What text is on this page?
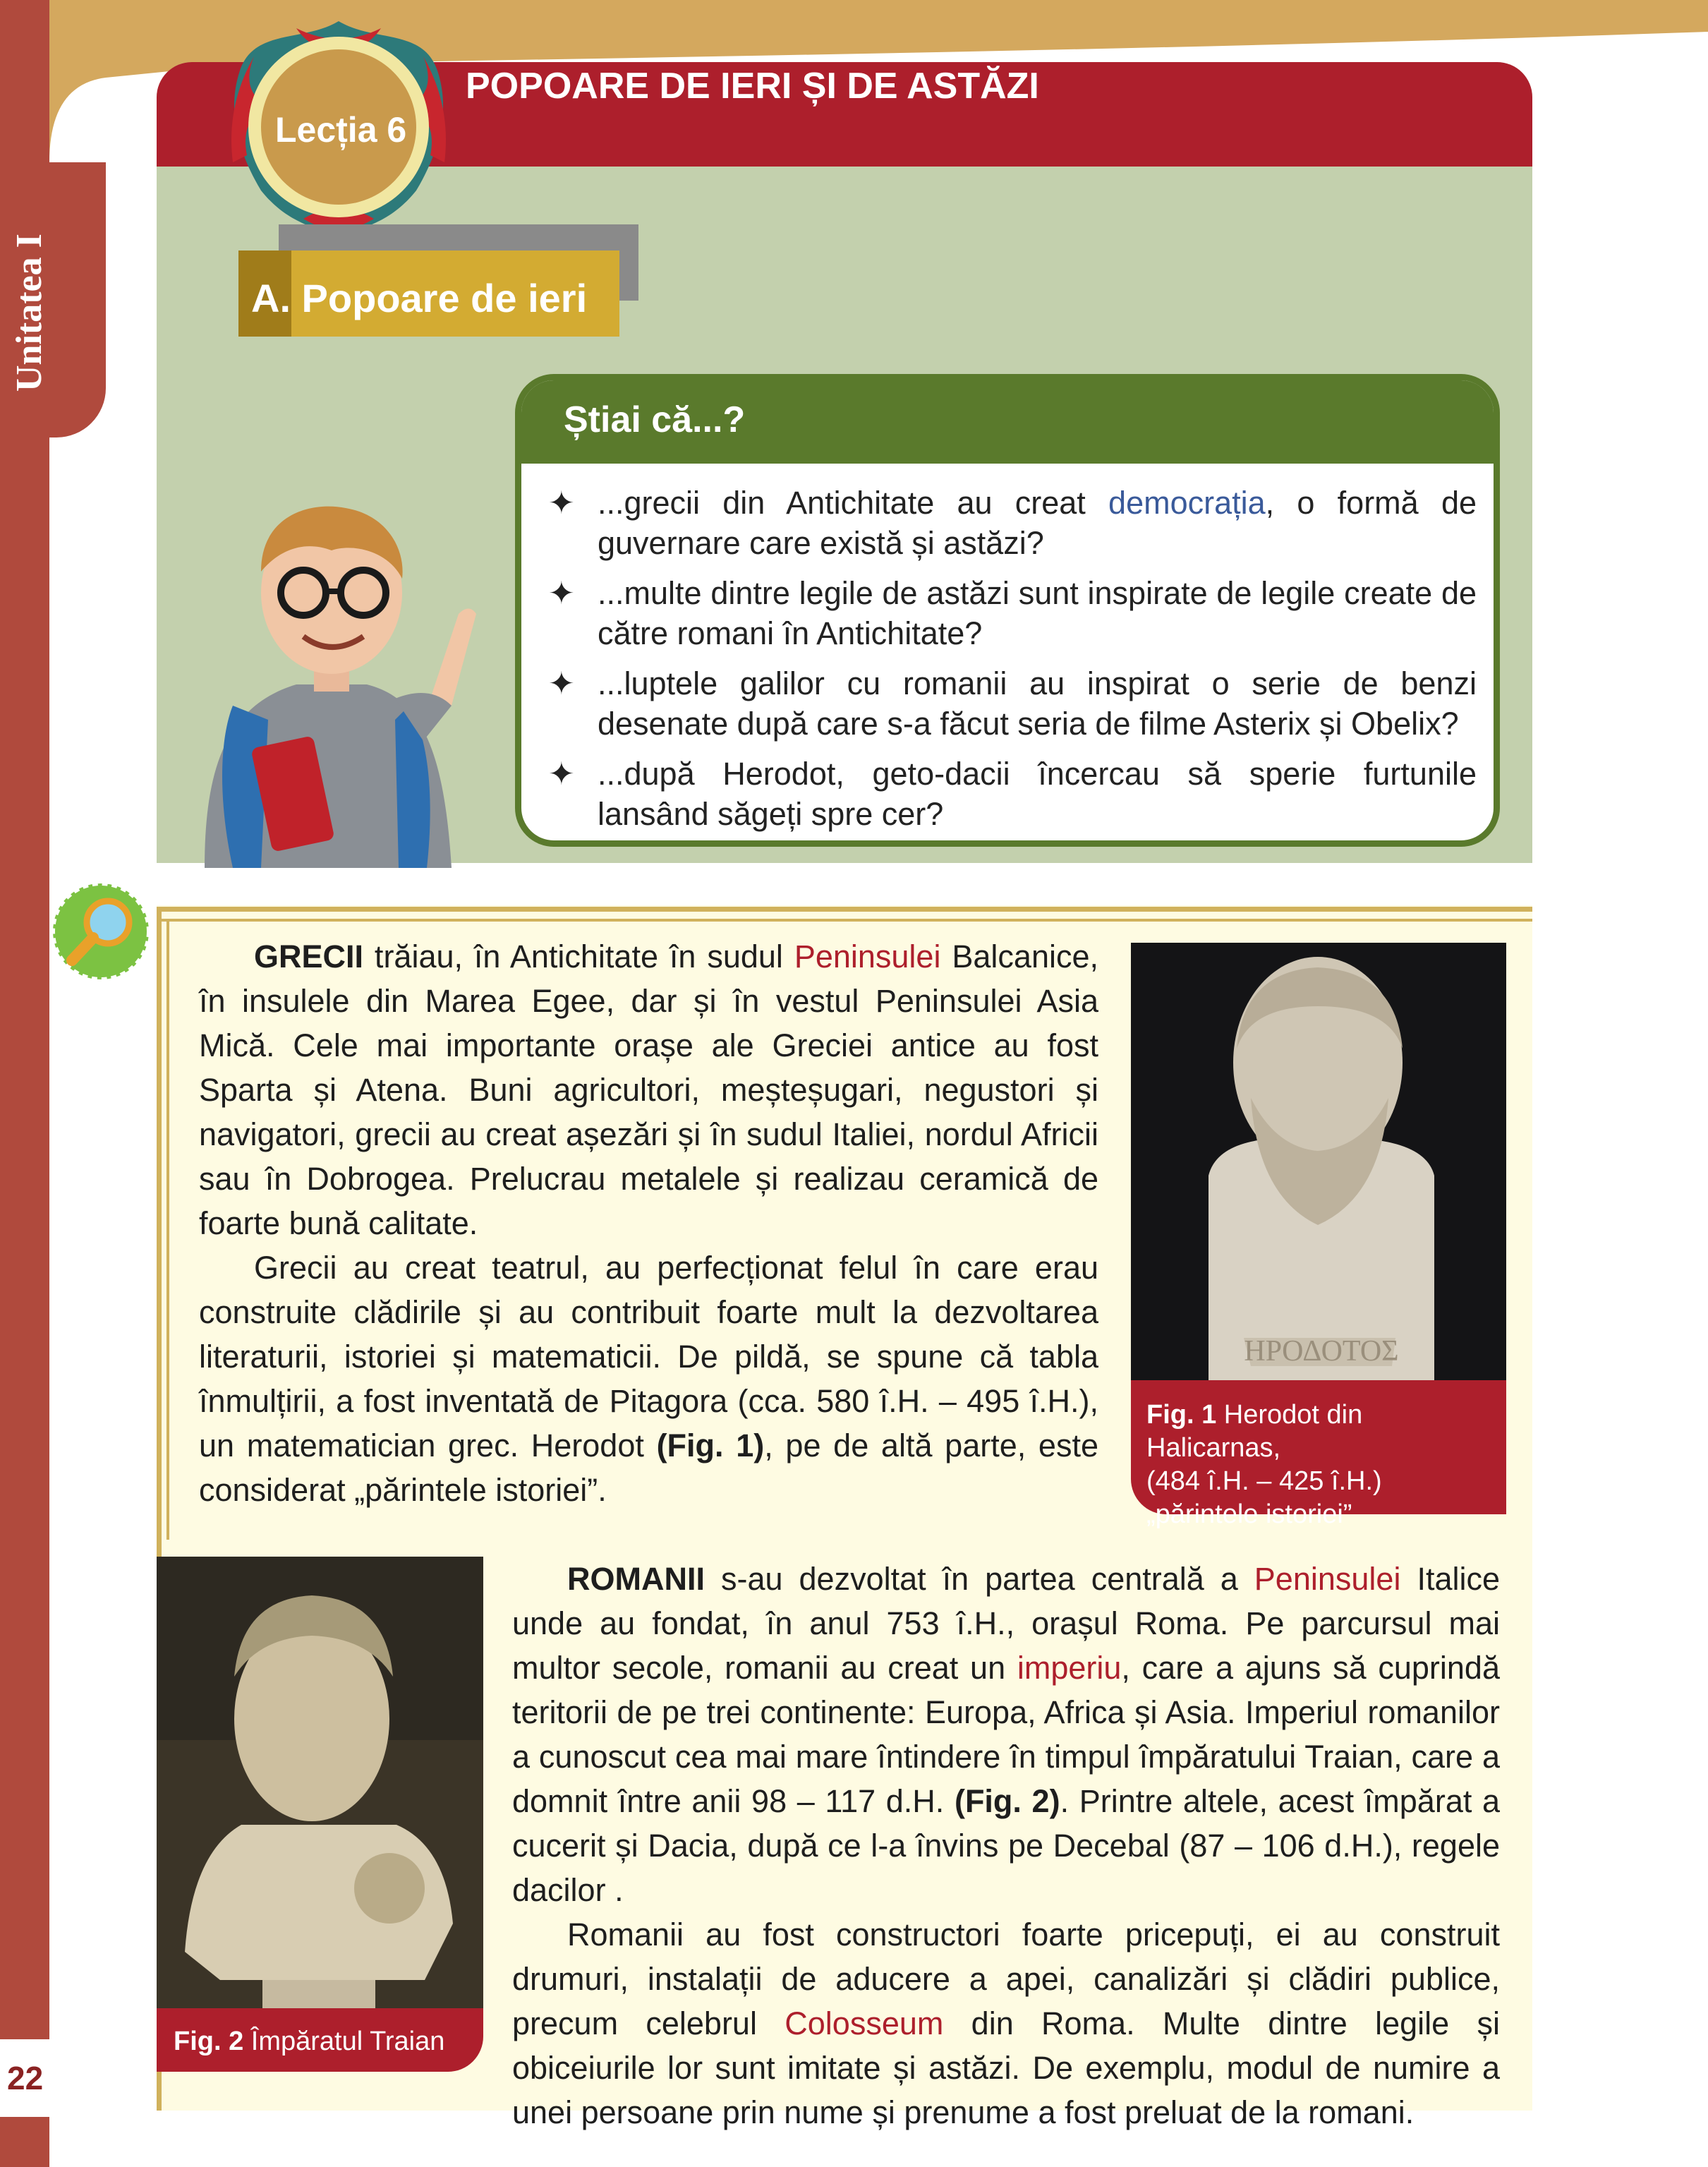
Unitatea I
POPOARE DE IERI ȘI DE ASTĂZI
Lecția 6
A. Popoare de ieri
Știai că...?
✦ ...grecii din Antichitate au creat democrația, o formă de guvernare care există și astăzi?
✦ ...multe dintre legile de astăzi sunt inspirate de legile create de către romani în Antichitate?
✦ ...luptele galilor cu romanii au inspirat o serie de benzi desenate după care s-a făcut seria de filme Asterix și Obelix?
✦ ...după Herodot, geto-dacii încercau să sperie furtunile lansând săgeți spre cer?

GRECII trăiau, în Antichitate în sudul Peninsulei Balcanice, în insulele din Marea Egee, dar și în vestul Peninsulei Asia Mică. Cele mai importante orașe ale Greciei antice au fost Sparta și Atena. Buni agricultori, meșteșugari, negustori și navigatori, grecii au creat așezări și în sudul Italiei, nordul Africii sau în Dobrogea. Prelucrau metalele și realizau ceramică de foarte bună calitate.

Grecii au creat teatrul, au perfecționat felul în care erau construite clădirile și au contribuit foarte mult la dezvoltarea literaturii, istoriei și matematicii. De pildă, se spune că tabla înmulțirii, a fost inventată de Pitagora (cca. 580 î.H. – 495 î.H.), un matematician grec. Herodot (Fig. 1), pe de altă parte, este considerat „părintele istoriei”.

ΗΡΟΔΟΤΟΣ
Fig. 1 Herodot din Halicarnas,
(484 î.H. – 425 î.H.)
„părintele istoriei”
Fig. 2 Împăratul Traian

ROMANII s-au dezvoltat în partea centrală a Peninsulei Italice unde au fondat, în anul 753 î.H., orașul Roma. Pe parcursul mai multor secole, romanii au creat un imperiu, care a ajuns să cuprindă teritorii de pe trei continente: Europa, Africa și Asia. Imperiul romanilor a cunoscut cea mai mare întindere în timpul împăratului Traian, care a domnit între anii 98 – 117 d.H. (Fig. 2). Printre altele, acest împărat a cucerit și Dacia, după ce l-a învins pe Decebal (87 – 106 d.H.), regele dacilor .

Romanii au fost constructori foarte pricepuți, ei au construit drumuri, instalații de aducere a apei, canalizări și clădiri publice, precum celebrul Colosseum din Roma. Multe dintre legile și obiceiurile lor sunt imitate și astăzi. De exemplu, modul de numire a unei persoane prin nume și prenume a fost preluat de la romani.

22
